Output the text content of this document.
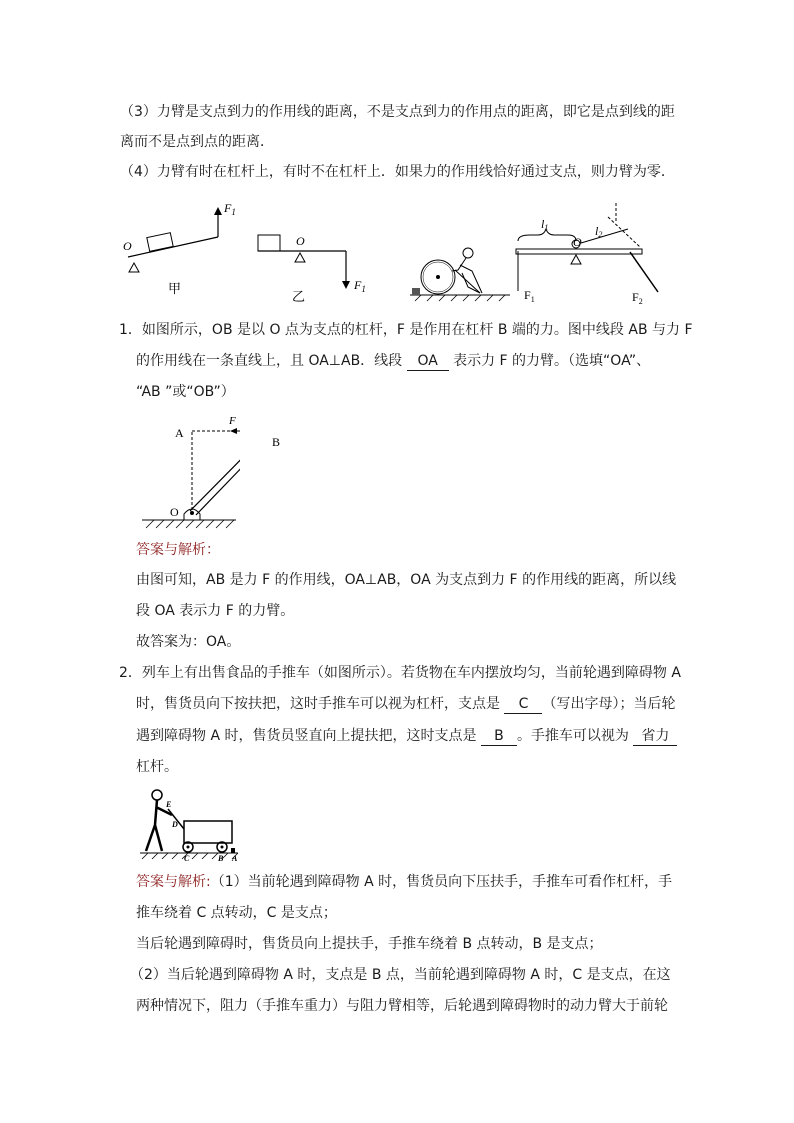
（3）力臂是支点到力的作用线的距离，不是支点到力的作用点的距离，即它是点到线的距
离而不是点到点的距离．
（4）力臂有时在杠杆上，有时不在杠杆上．如果力的作用线恰好通过支点，则力臂为零．
O
$F_1$
甲
O
$F_1$
乙
l1
O
l2
$F_1$	$F_2$
1．如图所示，OB 是以 O 点为支点的杠杆，F 是作用在杠杆 B 端的力。图中线段 AB 与力 F
的作用线在一条直线上，且 OA⊥AB．线段 OA 表示力 F 的力臂。（选填“OA”、
“AB ”或“OB”）
A
F
O
B
答案与解析：
由图可知，AB 是力 F 的作用线，OA⊥AB，OA 为支点到力 F 的作用线的距离，所以线
段 OA 表示力 F 的力臂。
故答案为：OA。
2．列车上有出售食品的手推车（如图所示）。若货物在车内摆放均匀，当前轮遇到障碍物 A
时，售货员向下按扶把，这时手推车可以视为杠杆，支点是 C （写出字母）；当后轮
遇到障碍物 A 时，售货员竖直向上提扶把，这时支点是 B 。手推车可以视为 省力
杠杆。
E
D
C	B A
答案与解析:（1）当前轮遇到障碍物 A 时，售货员向下压扶手，手推车可看作杠杆，手
推车绕着 C 点转动，C 是支点；
当后轮遇到障碍时，售货员向上提扶手，手推车绕着 B 点转动，B 是支点；
（2）当后轮遇到障碍物 A 时，支点是 B 点，当前轮遇到障碍物 A 时，C 是支点，在这
两种情况下，阻力（手推车重力）与阻力臂相等，后轮遇到障碍物时的动力臂大于前轮
